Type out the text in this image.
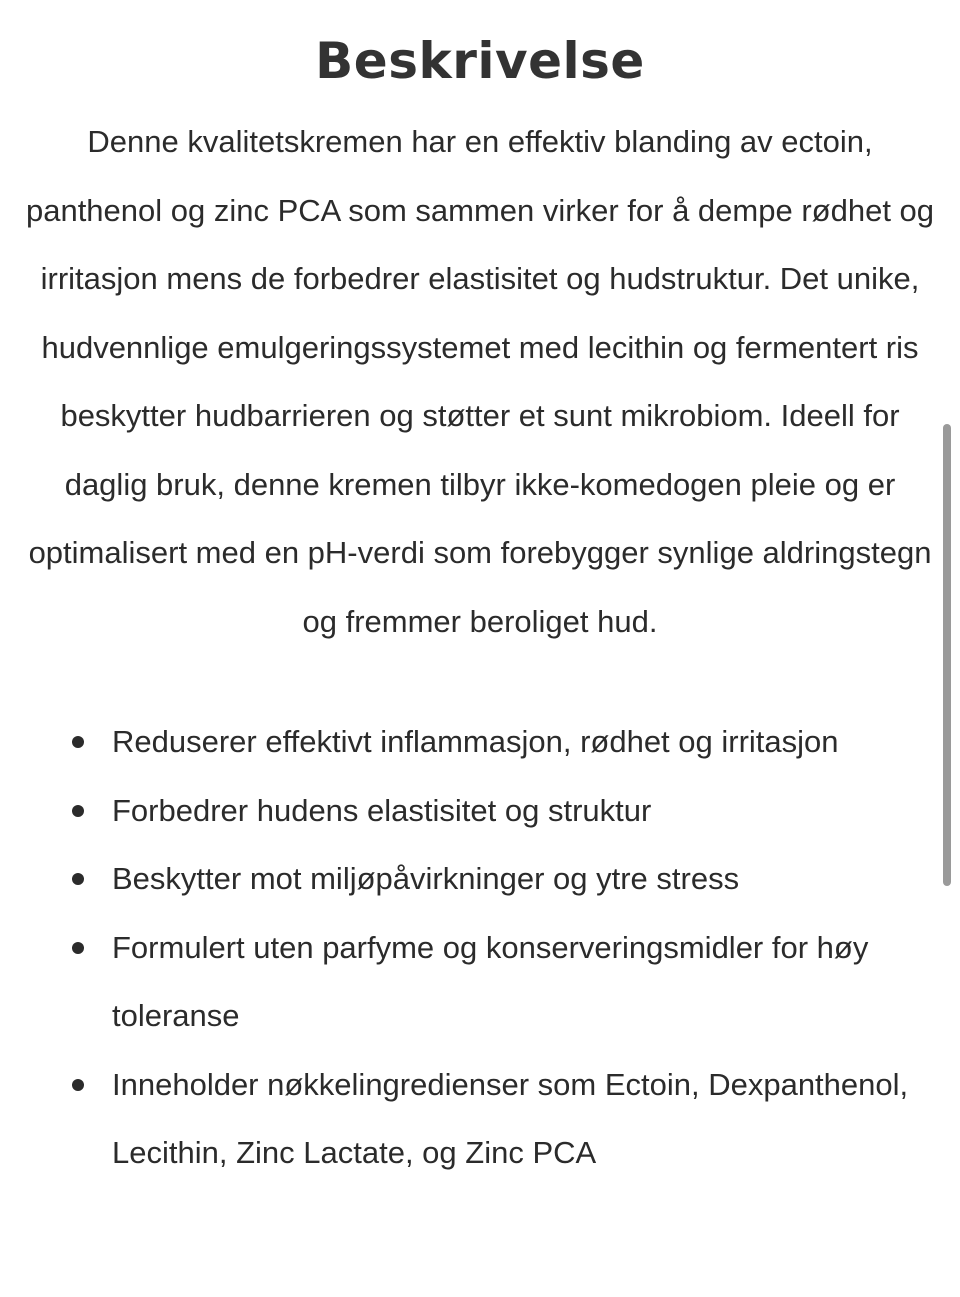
Beskrivelse

Denne kvalitetskremen har en effektiv blanding av ectoin, panthenol og zinc PCA som sammen virker for å dempe rødhet og irritasjon mens de forbedrer elastisitet og hudstruktur. Det unike, hudvennlige emulgeringssystemet med lecithin og fermentert ris beskytter hudbarrieren og støtter et sunt mikrobiom. Ideell for daglig bruk, denne kremen tilbyr ikke-komedogen pleie og er optimalisert med en pH-verdi som forebygger synlige aldringstegn og fremmer beroliget hud.

Reduserer effektivt inflammasjon, rødhet og irritasjon
Forbedrer hudens elastisitet og struktur
Beskytter mot miljøpåvirkninger og ytre stress
Formulert uten parfyme og konserveringsmidler for høy toleranse
Inneholder nøkkelingredienser som Ectoin, Dexpanthenol, Lecithin, Zinc Lactate, og Zinc PCA
